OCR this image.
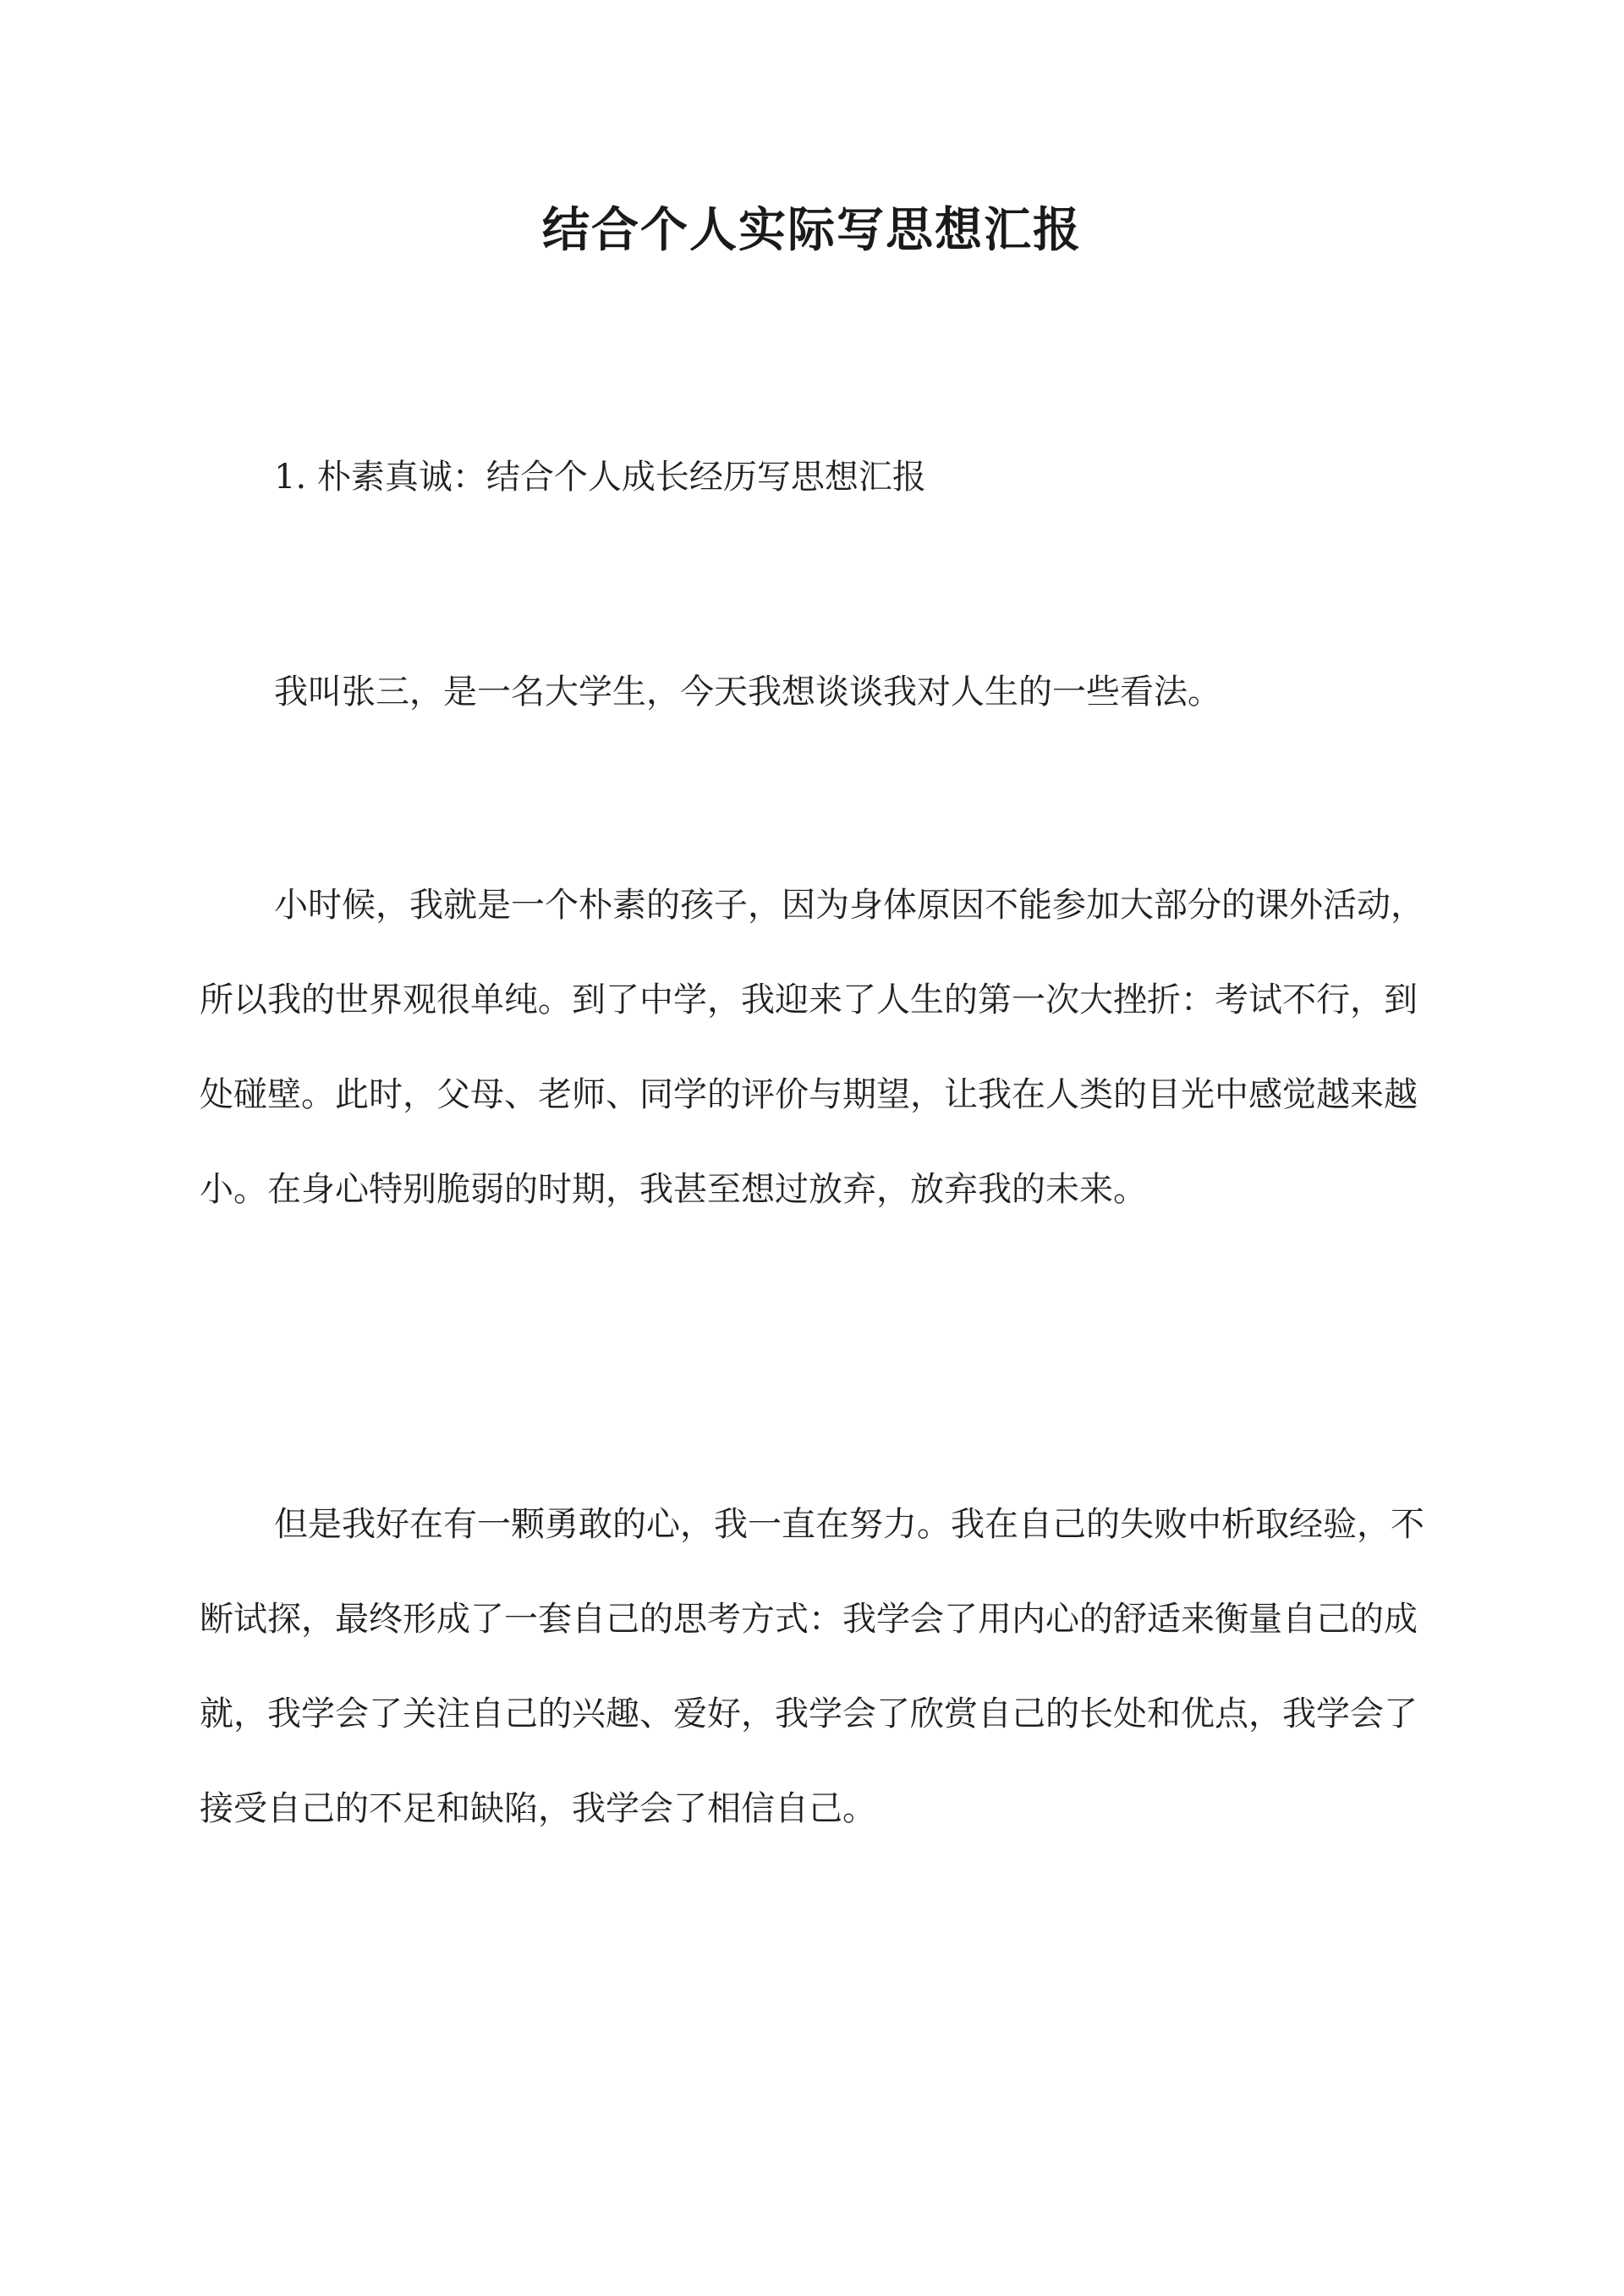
结合个人实际写思想汇报

1. 朴素真诚：结合个人成长经历写思想汇报

我叫张三，是一名大学生，今天我想谈谈我对人生的一些看法。

小时候，我就是一个朴素的孩子，因为身体原因不能参加大部分的课外活动，所以我的世界观很单纯。到了中学，我迎来了人生的第一次大挫折：考试不行，到处碰壁。此时，父母、老师、同学的评价与期望，让我在人类的目光中感觉越来越小。在身心特别脆弱的时期，我甚至想过放弃，放弃我的未来。

但是我好在有一颗勇敢的心，我一直在努力。我在自己的失败中析取经验，不断试探，最终形成了一套自己的思考方式：我学会了用内心的舒适来衡量自己的成就，我学会了关注自己的兴趣、爱好，我学会了欣赏自己的长处和优点，我学会了接受自己的不足和缺陷，我学会了相信自己。
